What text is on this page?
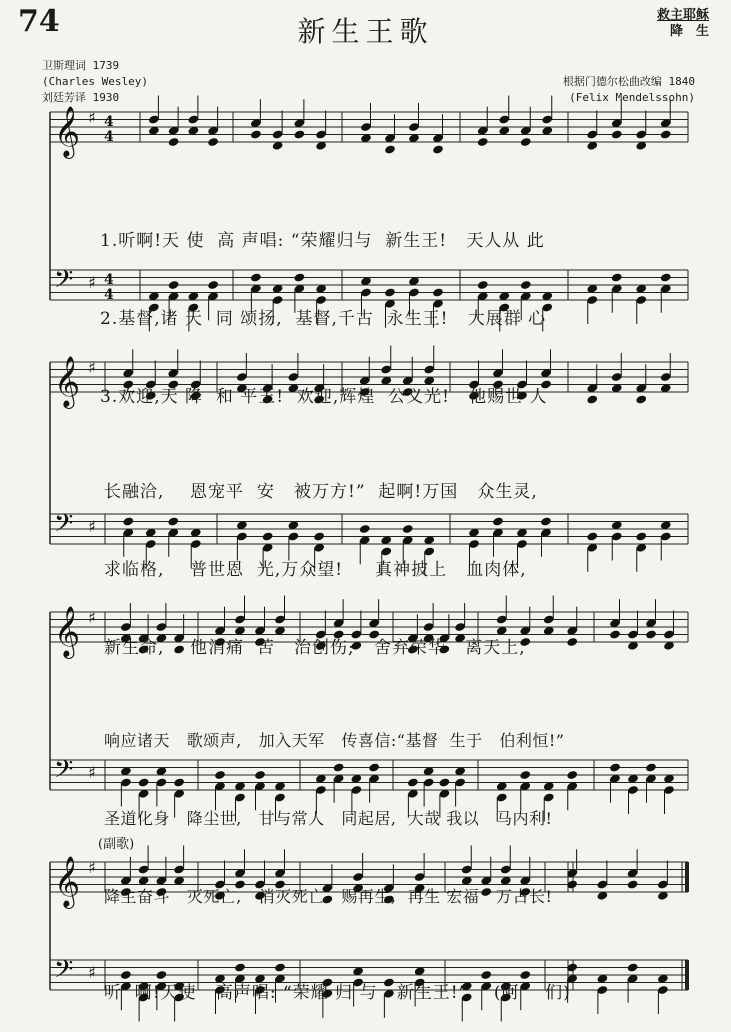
74	新生王歌	救主耶稣
降　生
卫斯理词 1739
(Charles Wesley)
刘廷芳译 1930
根据门德尔松曲改编 1840
(Felix Mendelssohn)
𝄞 ♯ 4
4
𝄢 ♯ 4
4
𝄞 ♯
𝄢 ♯
𝄞 ♯
𝄢 ♯
𝄞 ♯
𝄢 ♯

1.听啊!天 使  高 声唱: “荣耀归与  新生王!   天人从 此

2.基督,诸 天  同 颂扬,  基督,千古  永生王!   大展群 心

3.欢迎,天 降  和 平王!  欢迎,辉煌  公义光!   他赐世 人

长融洽,    恩宠平  安   被万方!”  起啊!万国   众生灵,

求临格,    普世恩  光,万众望!     真神披上   血肉体,

新生命,    他消痛  苦   治创伤;   舍弃荣华   离天上,

响应诸天   歌颂声,   加入天军   传喜信:“基督  生于   伯利恒!”

圣道化身   降尘世,   甘与常人   同起居,  大哉 我以   马内利!

降生奋斗   灭死亡,   消灭死亡   赐再生,  再生 宏福   万古长!

(副歌)

听  啊!天使   高声唱: “荣耀 归 与   新生王!”    (阿    们)
